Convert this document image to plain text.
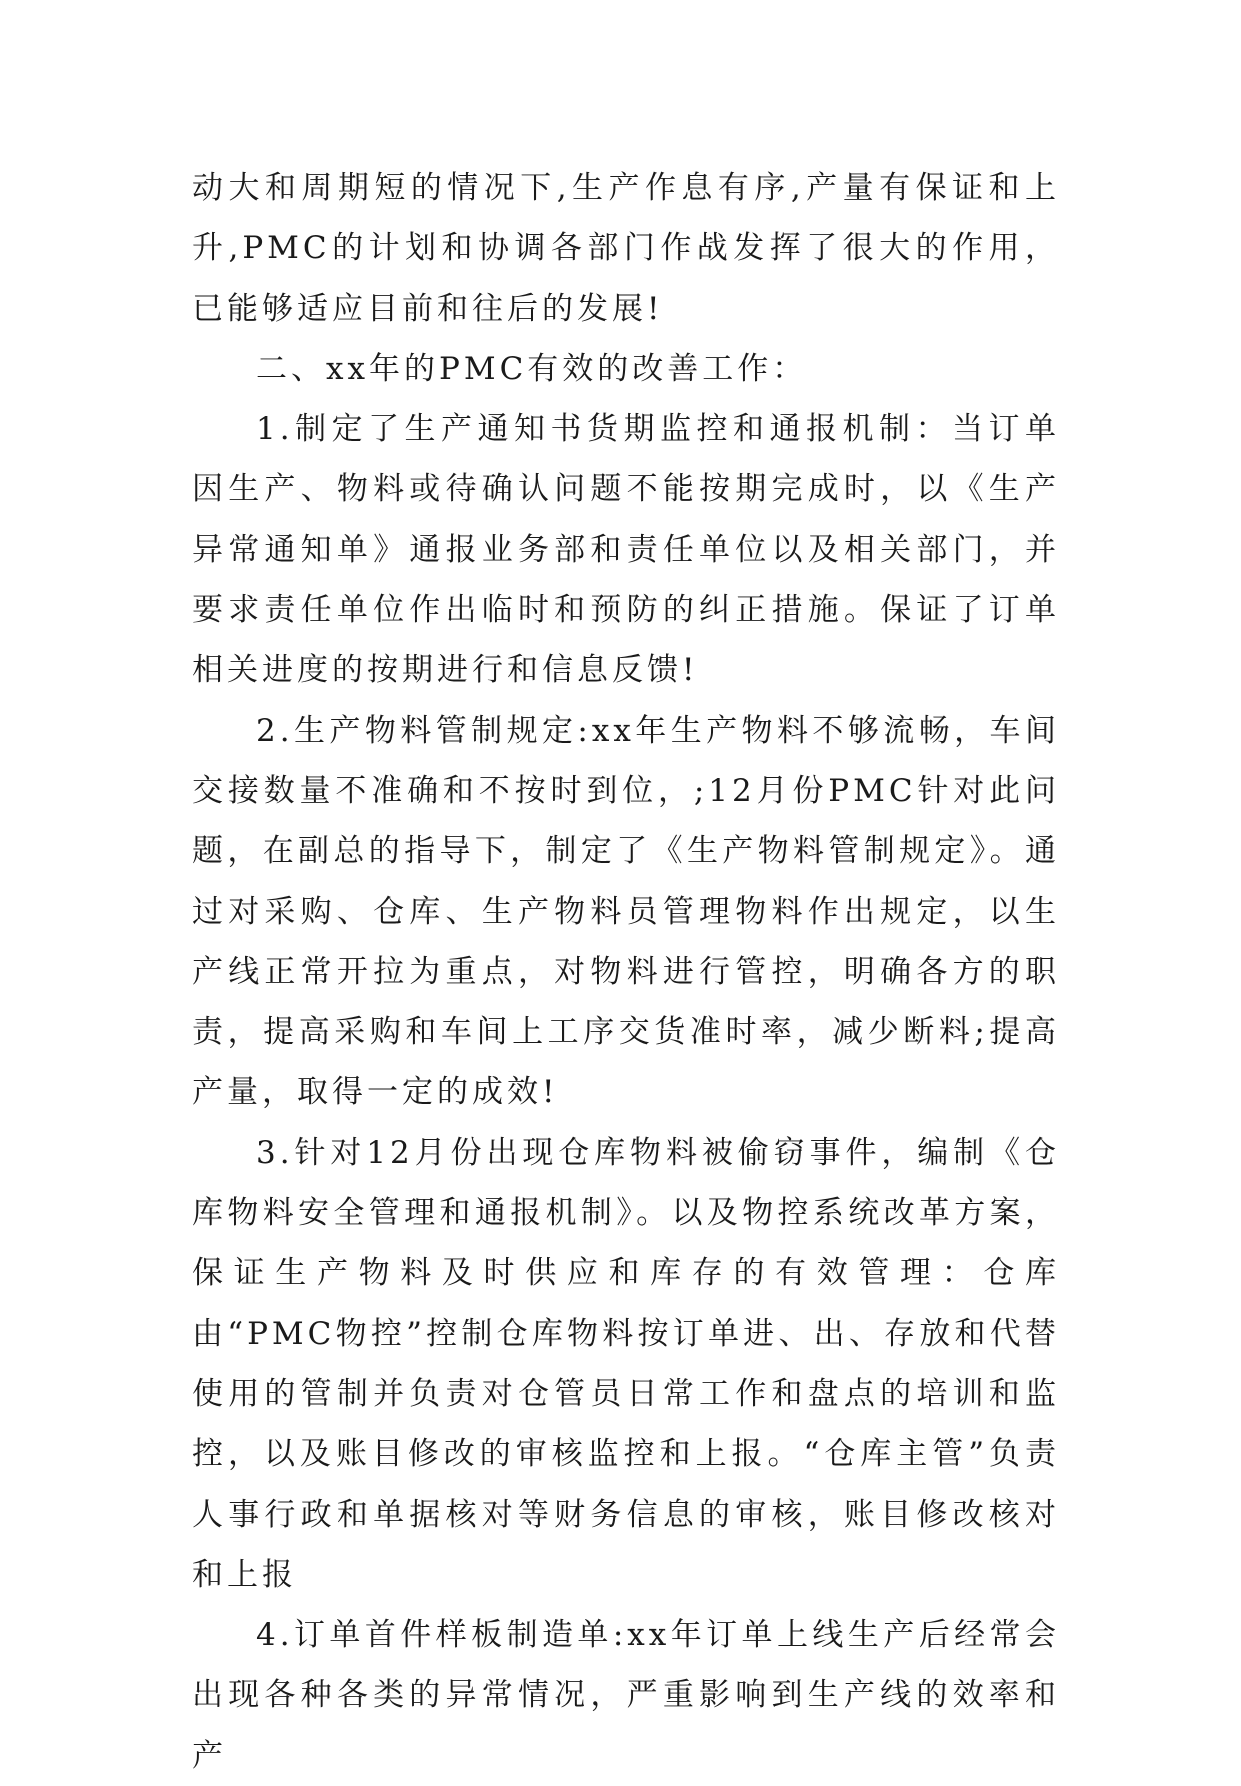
动大和周期短的情况下,生产作息有序,产量有保证和上升,PMC的计划和协调各部门作战发挥了很大的作用，已能够适应目前和往后的发展!

二、xx年的PMC有效的改善工作：

1.制定了生产通知书货期监控和通报机制：当订单因生产、物料或待确认问题不能按期完成时，以《生产异常通知单》通报业务部和责任单位以及相关部门，并要求责任单位作出临时和预防的纠正措施。保证了订单相关进度的按期进行和信息反馈!

2.生产物料管制规定:xx年生产物料不够流畅，车间交接数量不准确和不按时到位，;12月份PMC针对此问题，在副总的指导下，制定了《生产物料管制规定》。通过对采购、仓库、生产物料员管理物料作出规定，以生产线正常开拉为重点，对物料进行管控，明确各方的职责，提高采购和车间上工序交货准时率，减少断料;提高产量，取得一定的成效!

3.针对12月份出现仓库物料被偷窃事件，编制《仓库物料安全管理和通报机制》。以及物控系统改革方案，保证生产物料及时供应和库存的有效管理：仓库由“PMC物控”控制仓库物料按订单进、出、存放和代替使用的管制并负责对仓管员日常工作和盘点的培训和监控，以及账目修改的审核监控和上报。“仓库主管”负责人事行政和单据核对等财务信息的审核，账目修改核对和上报

4.订单首件样板制造单:xx年订单上线生产后经常会出现各种各类的异常情况，严重影响到生产线的效率和产
